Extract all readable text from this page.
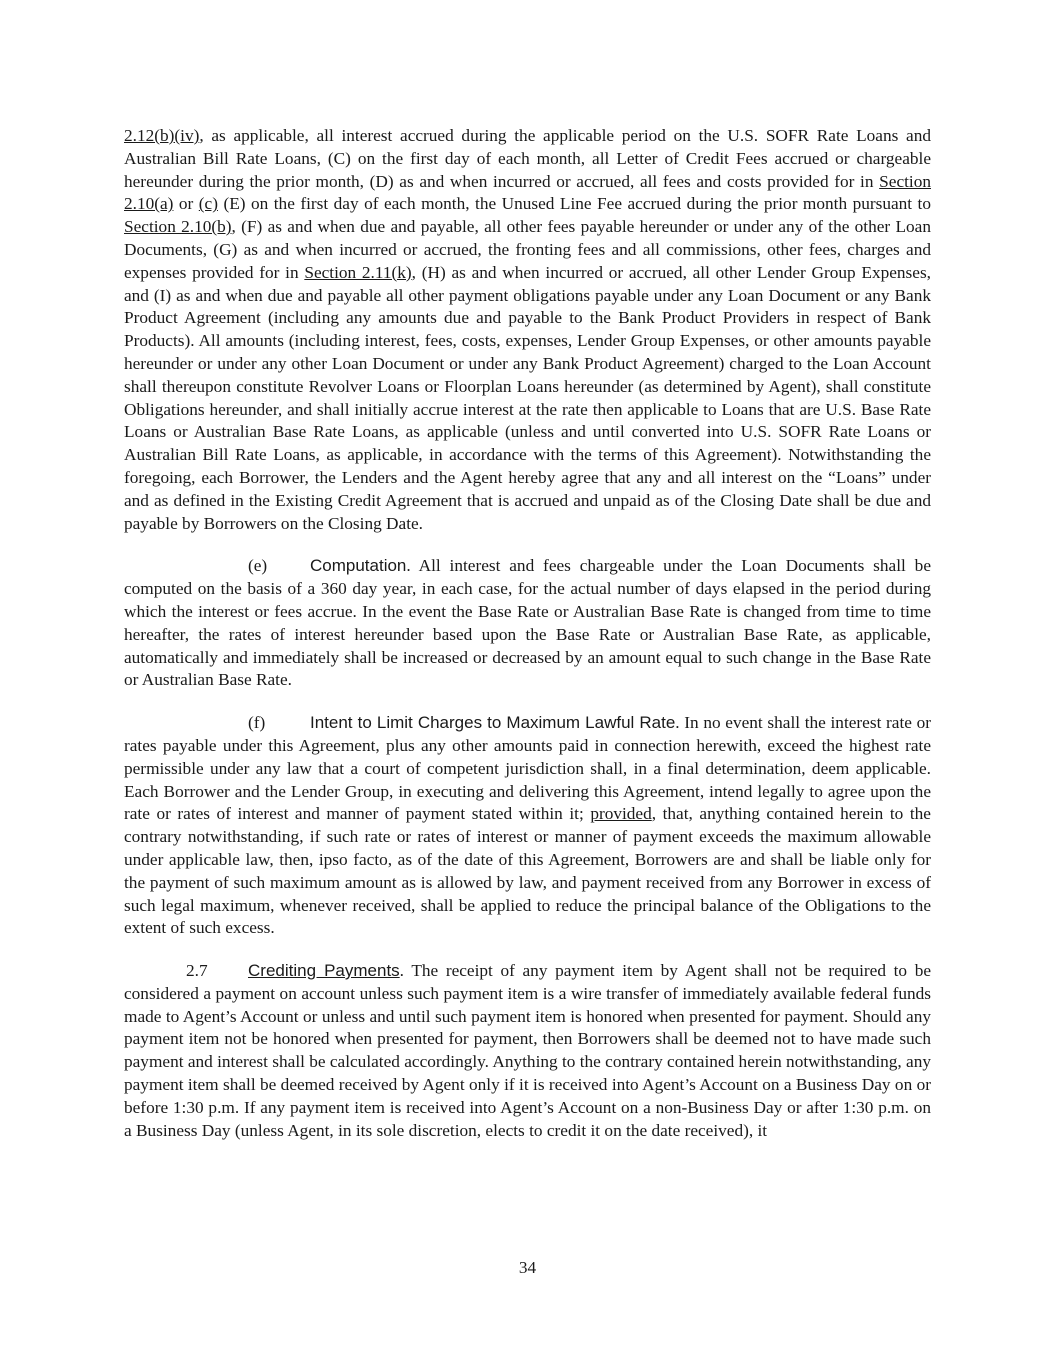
2.12(b)(iv), as applicable, all interest accrued during the applicable period on the U.S. SOFR Rate Loans and Australian Bill Rate Loans, (C) on the first day of each month, all Letter of Credit Fees accrued or chargeable hereunder during the prior month, (D) as and when incurred or accrued, all fees and costs provided for in Section 2.10(a) or (c) (E) on the first day of each month, the Unused Line Fee accrued during the prior month pursuant to Section 2.10(b), (F) as and when due and payable, all other fees payable hereunder or under any of the other Loan Documents, (G) as and when incurred or accrued, the fronting fees and all commissions, other fees, charges and expenses provided for in Section 2.11(k), (H) as and when incurred or accrued, all other Lender Group Expenses, and (I) as and when due and payable all other payment obligations payable under any Loan Document or any Bank Product Agreement (including any amounts due and payable to the Bank Product Providers in respect of Bank Products). All amounts (including interest, fees, costs, expenses, Lender Group Expenses, or other amounts payable hereunder or under any other Loan Document or under any Bank Product Agreement) charged to the Loan Account shall thereupon constitute Revolver Loans or Floorplan Loans hereunder (as determined by Agent), shall constitute Obligations hereunder, and shall initially accrue interest at the rate then applicable to Loans that are U.S. Base Rate Loans or Australian Base Rate Loans, as applicable (unless and until converted into U.S. SOFR Rate Loans or Australian Bill Rate Loans, as applicable, in accordance with the terms of this Agreement). Notwithstanding the foregoing, each Borrower, the Lenders and the Agent hereby agree that any and all interest on the “Loans” under and as defined in the Existing Credit Agreement that is accrued and unpaid as of the Closing Date shall be due and payable by Borrowers on the Closing Date.

(e)	Computation. All interest and fees chargeable under the Loan Documents shall be computed on the basis of a 360 day year, in each case, for the actual number of days elapsed in the period during which the interest or fees accrue. In the event the Base Rate or Australian Base Rate is changed from time to time hereafter, the rates of interest hereunder based upon the Base Rate or Australian Base Rate, as applicable, automatically and immediately shall be increased or decreased by an amount equal to such change in the Base Rate or Australian Base Rate.

(f)	Intent to Limit Charges to Maximum Lawful Rate. In no event shall the interest rate or rates payable under this Agreement, plus any other amounts paid in connection herewith, exceed the highest rate permissible under any law that a court of competent jurisdiction shall, in a final determination, deem applicable. Each Borrower and the Lender Group, in executing and delivering this Agreement, intend legally to agree upon the rate or rates of interest and manner of payment stated within it; provided, that, anything contained herein to the contrary notwithstanding, if such rate or rates of interest or manner of payment exceeds the maximum allowable under applicable law, then, ipso facto, as of the date of this Agreement, Borrowers are and shall be liable only for the payment of such maximum amount as is allowed by law, and payment received from any Borrower in excess of such legal maximum, whenever received, shall be applied to reduce the principal balance of the Obligations to the extent of such excess.

2.7 Crediting Payments. The receipt of any payment item by Agent shall not be required to be considered a payment on account unless such payment item is a wire transfer of immediately available federal funds made to Agent’s Account or unless and until such payment item is honored when presented for payment. Should any payment item not be honored when presented for payment, then Borrowers shall be deemed not to have made such payment and interest shall be calculated accordingly. Anything to the contrary contained herein notwithstanding, any payment item shall be deemed received by Agent only if it is received into Agent’s Account on a Business Day on or before 1:30 p.m. If any payment item is received into Agent’s Account on a non-Business Day or after 1:30 p.m. on a Business Day (unless Agent, in its sole discretion, elects to credit it on the date received), it

34
